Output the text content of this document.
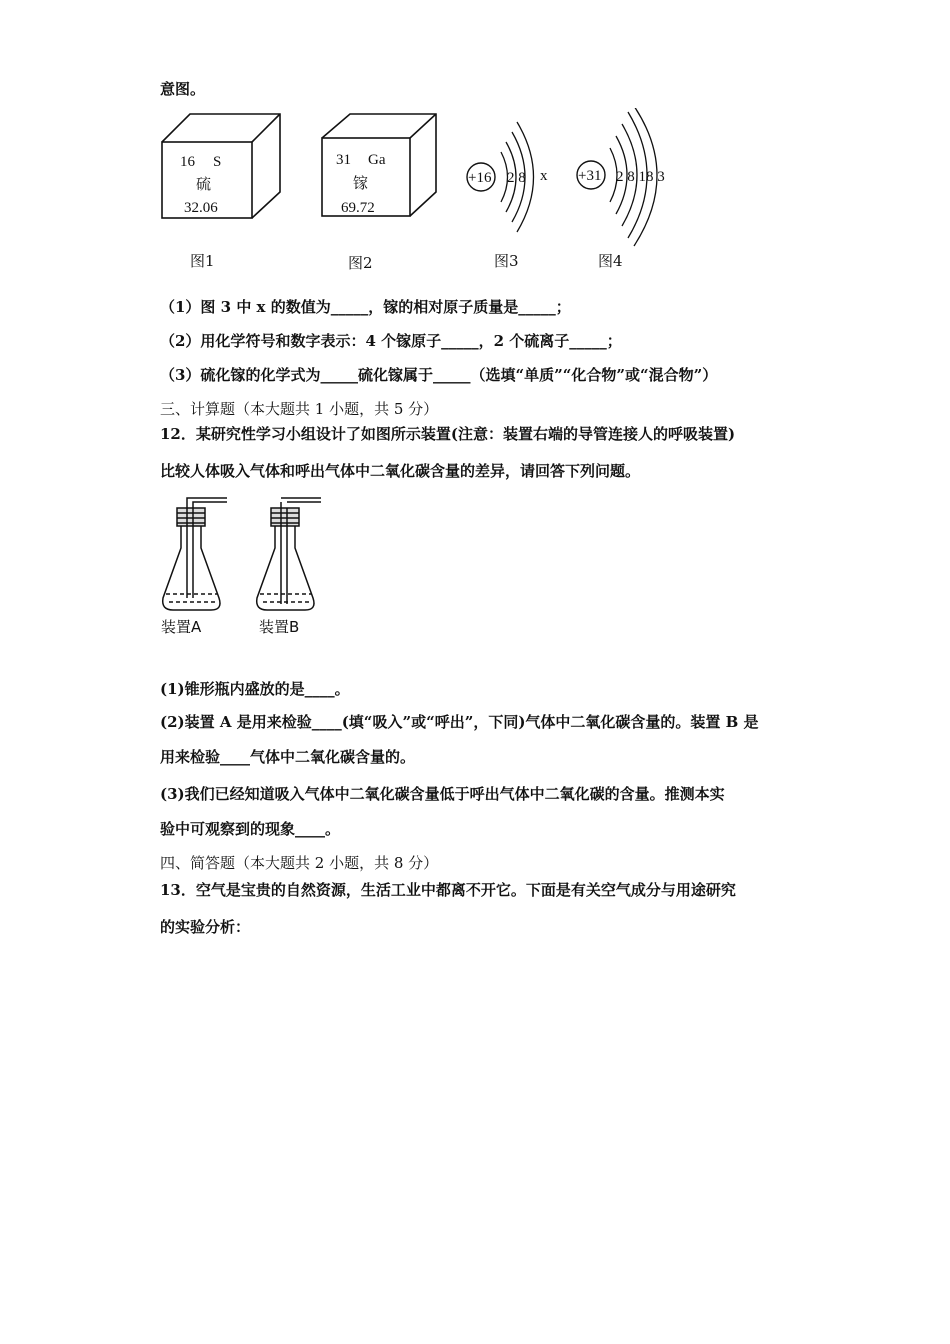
意图。
16 S
硫
32.06
31 Ga
镓
69.72
+16 2 8 x +31 2 8 18 3
图1	图2	图3	图4
（1）图 3 中 x 的数值为_____，镓的相对原子质量是_____；
（2）用化学符号和数字表示：4 个镓原子_____，2 个硫离子_____；
（3）硫化镓的化学式为_____硫化镓属于_____（选填“单质”“化合物”或“混合物”）
三、计算题（本大题共 1 小题，共 5 分）
12．某研究性学习小组设计了如图所示装置(注意：装置右端的导管连接人的呼吸装置)
比较人体吸入气体和呼出气体中二氧化碳含量的差异，请回答下列问题。
装置A	装置B
(1)锥形瓶内盛放的是____。
(2)装置 A 是用来检验____(填“吸入”或“呼出”，下同)气体中二氧化碳含量的。装置 B 是
用来检验____气体中二氧化碳含量的。
(3)我们已经知道吸入气体中二氧化碳含量低于呼出气体中二氧化碳的含量。推测本实
验中可观察到的现象____。
四、简答题（本大题共 2 小题，共 8 分）
13．空气是宝贵的自然资源，生活工业中都离不开它。下面是有关空气成分与用途研究
的实验分析：
